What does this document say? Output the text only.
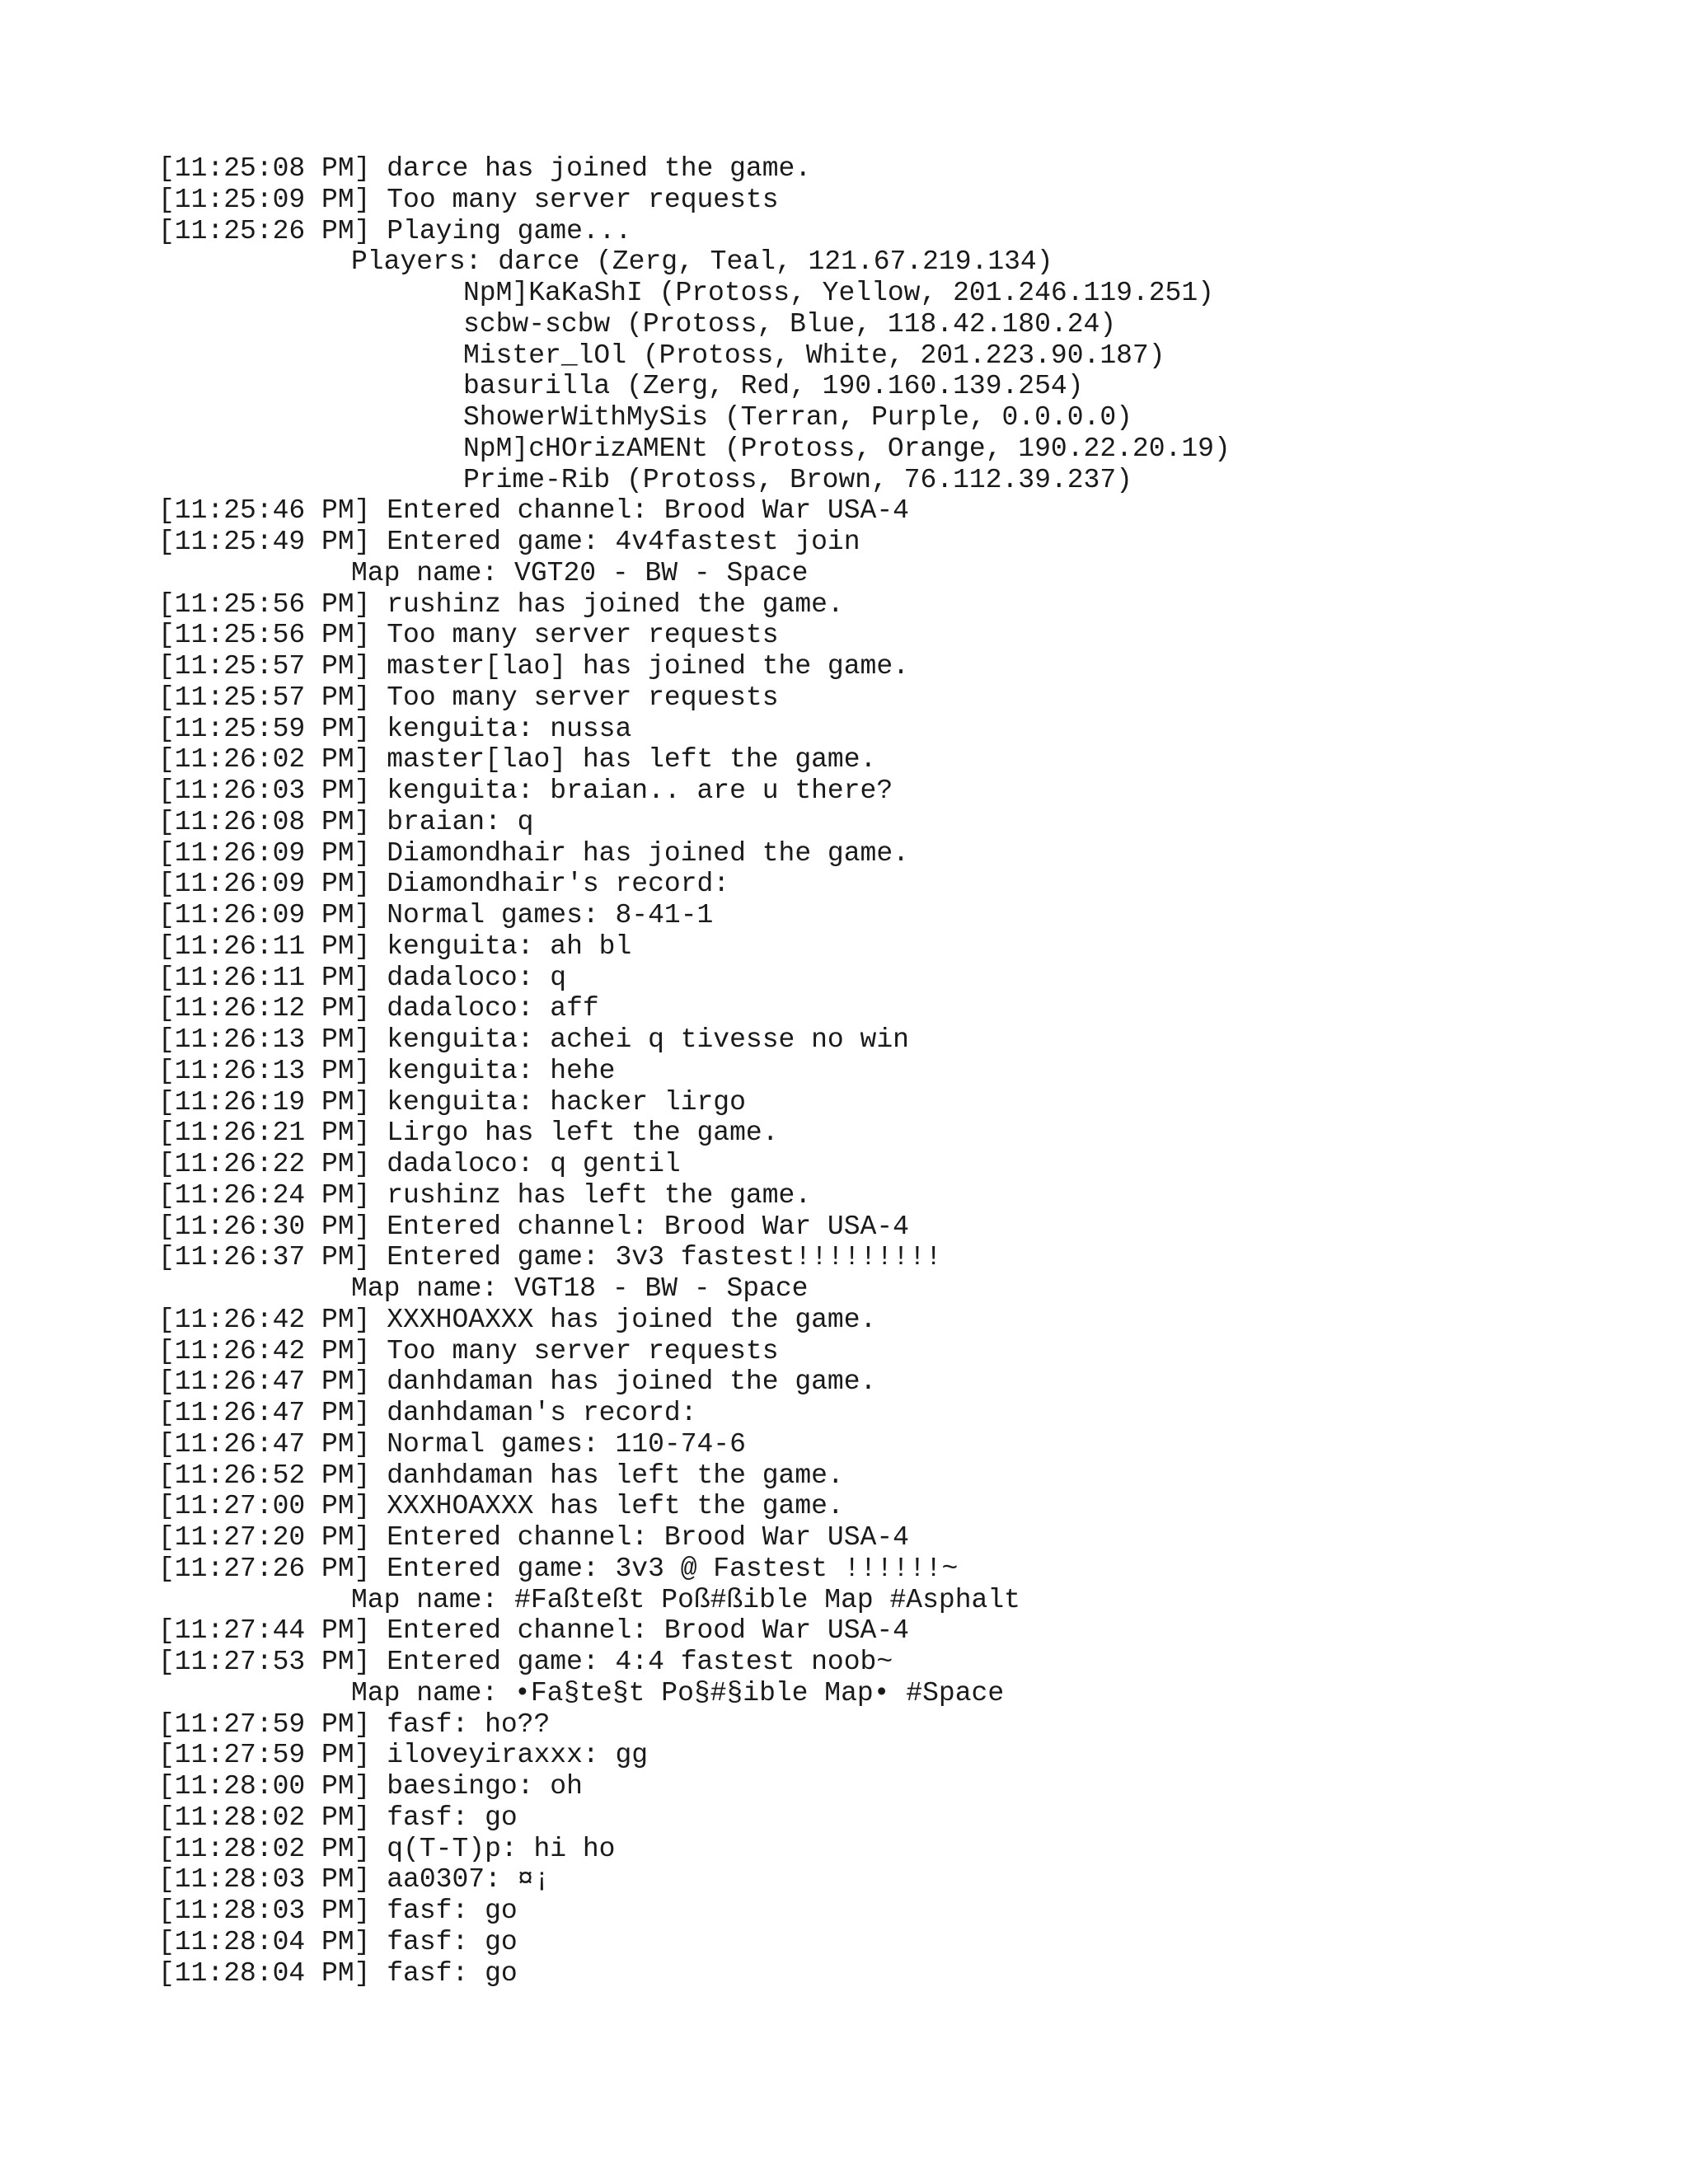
[11:25:08 PM] darce has joined the game.
[11:25:09 PM] Too many server requests
[11:25:26 PM] Playing game...
Players: darce (Zerg, Teal, 121.67.219.134)
NpM]KaKaShI (Protoss, Yellow, 201.246.119.251)
scbw-scbw (Protoss, Blue, 118.42.180.24)
Mister_lOl (Protoss, White, 201.223.90.187)
basurilla (Zerg, Red, 190.160.139.254)
ShowerWithMySis (Terran, Purple, 0.0.0.0)
NpM]cHOrizAMENt (Protoss, Orange, 190.22.20.19)
Prime-Rib (Protoss, Brown, 76.112.39.237)
[11:25:46 PM] Entered channel: Brood War USA-4
[11:25:49 PM] Entered game: 4v4fastest join
Map name: VGT20 - BW - Space
[11:25:56 PM] rushinz has joined the game.
[11:25:56 PM] Too many server requests
[11:25:57 PM] master[lao] has joined the game.
[11:25:57 PM] Too many server requests
[11:25:59 PM] kenguita: nussa
[11:26:02 PM] master[lao] has left the game.
[11:26:03 PM] kenguita: braian.. are u there?
[11:26:08 PM] braian: q
[11:26:09 PM] Diamondhair has joined the game.
[11:26:09 PM] Diamondhair's record:
[11:26:09 PM] Normal games: 8-41-1
[11:26:11 PM] kenguita: ah bl
[11:26:11 PM] dadaloco: q
[11:26:12 PM] dadaloco: aff
[11:26:13 PM] kenguita: achei q tivesse no win
[11:26:13 PM] kenguita: hehe
[11:26:19 PM] kenguita: hacker lirgo
[11:26:21 PM] Lirgo has left the game.
[11:26:22 PM] dadaloco: q gentil
[11:26:24 PM] rushinz has left the game.
[11:26:30 PM] Entered channel: Brood War USA-4
[11:26:37 PM] Entered game: 3v3 fastest!!!!!!!!!
Map name: VGT18 - BW - Space
[11:26:42 PM] XXXHOAXXX has joined the game.
[11:26:42 PM] Too many server requests
[11:26:47 PM] danhdaman has joined the game.
[11:26:47 PM] danhdaman's record:
[11:26:47 PM] Normal games: 110-74-6
[11:26:52 PM] danhdaman has left the game.
[11:27:00 PM] XXXHOAXXX has left the game.
[11:27:20 PM] Entered channel: Brood War USA-4
[11:27:26 PM] Entered game: 3v3 @ Fastest !!!!!!~
Map name: #Faßteßt Poß#ßible Map #Asphalt
[11:27:44 PM] Entered channel: Brood War USA-4
[11:27:53 PM] Entered game: 4:4 fastest noob~
Map name: •Fa§te§t Po§#§ible Map• #Space
[11:27:59 PM] fasf: ho??
[11:27:59 PM] iloveyiraxxx: gg
[11:28:00 PM] baesingo: oh
[11:28:02 PM] fasf: go
[11:28:02 PM] q(T-T)p: hi ho
[11:28:03 PM] aa0307: ¤¡
[11:28:03 PM] fasf: go
[11:28:04 PM] fasf: go
[11:28:04 PM] fasf: go
